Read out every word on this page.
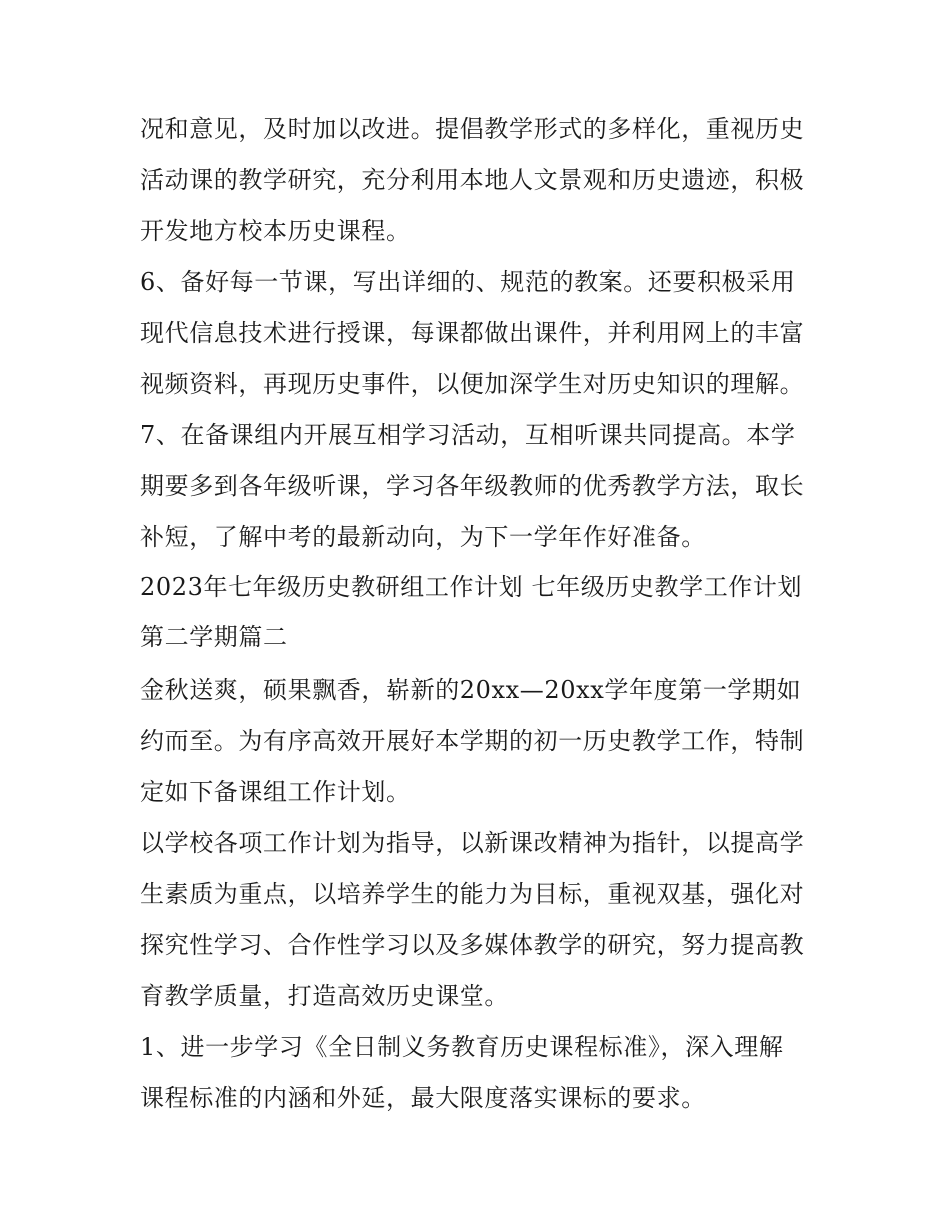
况和意见，及时加以改进。提倡教学形式的多样化，重视历史
活动课的教学研究，充分利用本地人文景观和历史遗迹，积极
开发地方校本历史课程。
6、备好每一节课，写出详细的、规范的教案。还要积极采用
现代信息技术进行授课，每课都做出课件，并利用网上的丰富
视频资料，再现历史事件，以便加深学生对历史知识的理解。
7、在备课组内开展互相学习活动，互相听课共同提高。本学
期要多到各年级听课，学习各年级教师的优秀教学方法，取长
补短，了解中考的最新动向，为下一学年作好准备。
2023年七年级历史教研组工作计划 七年级历史教学工作计划
第二学期篇二
金秋送爽，硕果飘香，崭新的20xx—20xx学年度第一学期如
约而至。为有序高效开展好本学期的初一历史教学工作，特制
定如下备课组工作计划。
以学校各项工作计划为指导，以新课改精神为指针，以提高学
生素质为重点，以培养学生的能力为目标，重视双基，强化对
探究性学习、合作性学习以及多媒体教学的研究，努力提高教
育教学质量，打造高效历史课堂。
1、进一步学习《全日制义务教育历史课程标准》，深入理解
课程标准的内涵和外延，最大限度落实课标的要求。
